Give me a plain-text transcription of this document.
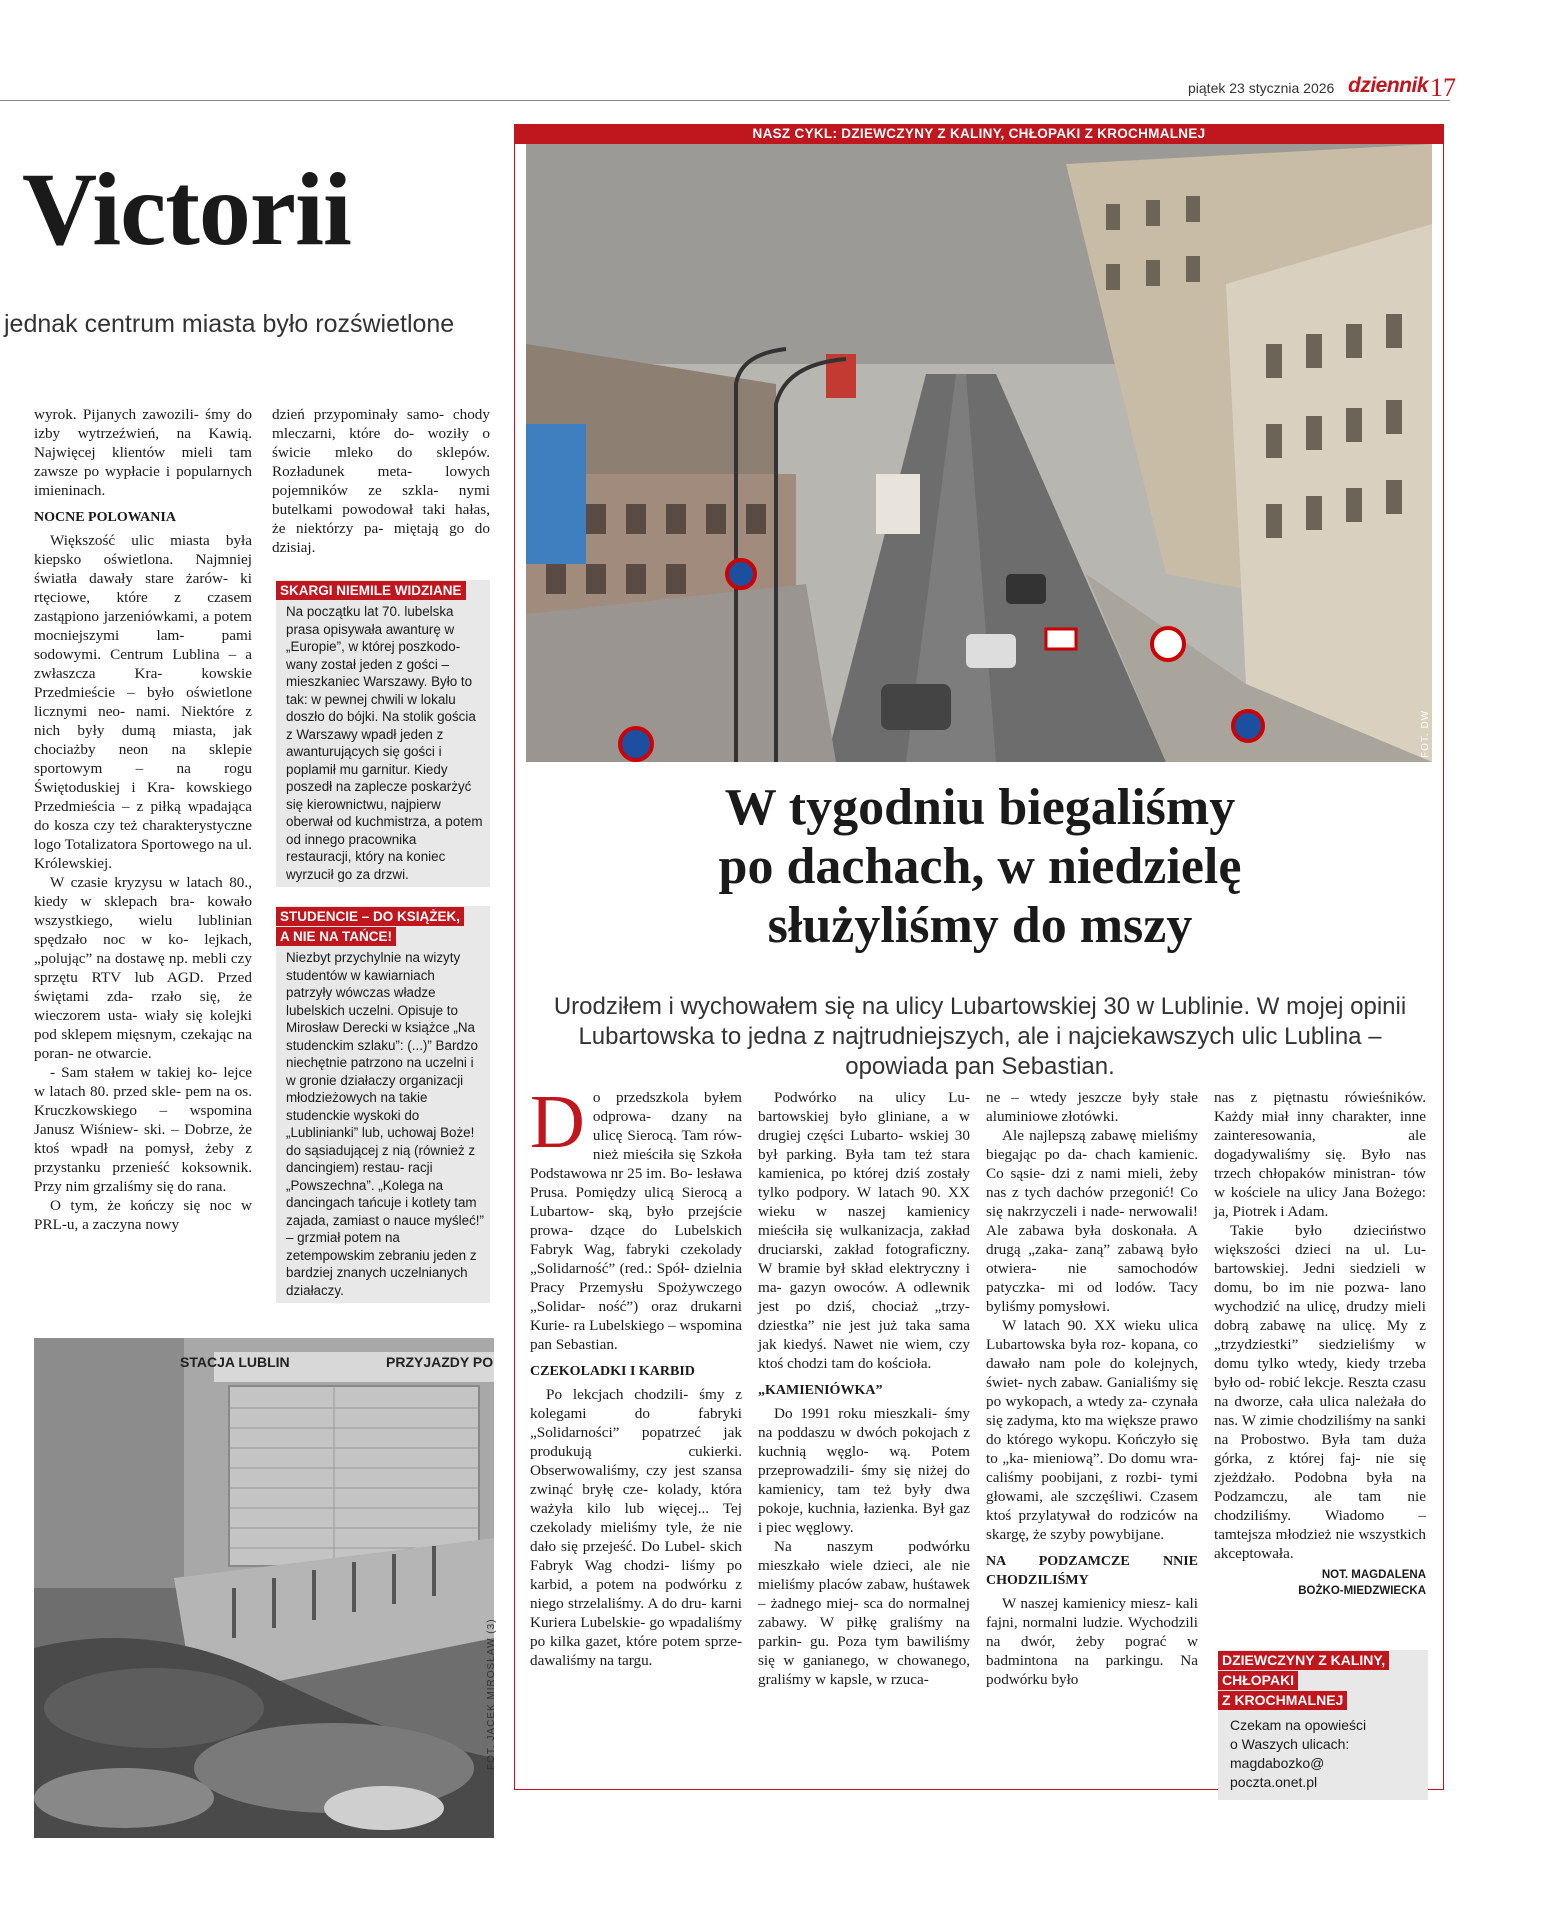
piątek 23 stycznia 2026 dziennik 17
Victorii
jednak centrum miasta było rozświetlone

wyrok. Pijanych zawozili- śmy do izby wytrzeźwień, na Kawią. Najwięcej klientów mieli tam zawsze po wypłacie i popularnych imieninach.

NOCNE POLOWANIA

Większość ulic miasta była kiepsko oświetlona. Najmniej światła dawały stare żarów- ki rtęciowe, które z czasem zastąpiono jarzeniówkami, a potem mocniejszymi lam- pami sodowymi. Centrum Lublina – a zwłaszcza Kra- kowskie Przedmieście – było oświetlone licznymi neo- nami. Niektóre z nich były dumą miasta, jak chociażby neon na sklepie sportowym – na rogu Świętoduskiej i Kra- kowskiego Przedmieścia – z piłką wpadająca do kosza czy też charakterystyczne logo Totalizatora Sportowego na ul. Królewskiej.

W czasie kryzysu w latach 80., kiedy w sklepach bra- kowało wszystkiego, wielu lublinian spędzało noc w ko- lejkach, „polując” na dostawę np. mebli czy sprzętu RTV lub AGD. Przed świętami zda- rzało się, że wieczorem usta- wiały się kolejki pod sklepem mięsnym, czekając na poran- ne otwarcie.

- Sam stałem w takiej ko- lejce w latach 80. przed skle- pem na os. Kruczkowskiego – wspomina Janusz Wiśniew- ski. – Dobrze, że ktoś wpadł na pomysł, żeby z przystanku przenieść koksownik. Przy nim grzaliśmy się do rana.

O tym, że kończy się noc w PRL-u, a zaczyna nowy

dzień przypominały samo- chody mleczarni, które do- woziły o świcie mleko do sklepów. Rozładunek meta- lowych pojemników ze szkla- nymi butelkami powodował taki hałas, że niektórzy pa- miętają go do dzisiaj.

SKARGI NIEMILE WIDZIANE
Na początku lat 70. lubelska prasa opisywała awanturę w „Europie”, w której poszkodo- wany został jeden z gości – mieszkaniec Warszawy. Było to tak: w pewnej chwili w lokalu doszło do bójki. Na stolik gościa z Warszawy wpadł jeden z awanturujących się gości i poplamił mu garnitur. Kiedy poszedł na zaplecze poskarżyć się kierownictwu, najpierw oberwał od kuchmistrza, a potem od innego pracownika restauracji, który na koniec wyrzucił go za drzwi.
STUDENCIE – DO KSIĄŻEK,
A NIE NA TAŃCE!
Niezbyt przychylnie na wizyty studentów w kawiarniach patrzyły wówczas władze lubelskich uczelni. Opisuje to Mirosław Derecki w książce „Na studenckim szlaku”: (...)” Bardzo niechętnie patrzono na uczelni i w gronie działaczy organizacji młodzieżowych na takie studenckie wyskoki do „Lublinianki” lub, uchowaj Boże! do sąsiadującej z nią (również z dancingiem) restau- racji „Powszechna”. „Kolega na dancingach tańcuje i kotlety tam zajada, zamiast o nauce myśleć!” – grzmiał potem na zetempowskim zebraniu jeden z bardziej znanych uczelnianych działaczy.
STACJA LUBLIN	PRZYJAZDY PO
FOT. JACEK MIROSŁAW (3)
NASZ CYKL: DZIEWCZYNY Z KALINY, CHŁOPAKI Z KROCHMALNEJ
FOT. DW
W tygodniu biegaliśmy
po dachach, w niedzielę
służyliśmy do mszy
Urodziłem i wychowałem się na ulicy Lubartowskiej 30 w Lublinie. W mojej opinii Lubartowska to jedna z najtrudniejszych, ale i najciekawszych ulic Lublina – opowiada pan Sebastian.

Do przedszkola byłem odprowa- dzany na ulicę Sierocą. Tam rów- nież mieściła się Szkoła Podstawowa nr 25 im. Bo- lesława Prusa. Pomiędzy ulicą Sierocą a Lubartow- ską, było przejście prowa- dzące do Lubelskich Fabryk Wag, fabryki czekolady „Solidarność” (red.: Spół- dzielnia Pracy Przemysłu Spożywczego „Solidar- ność”) oraz drukarni Kurie- ra Lubelskiego – wspomina pan Sebastian.

CZEKOLADKI I KARBID

Po lekcjach chodzili- śmy z kolegami do fabryki „Solidarności” popatrzeć jak produkują cukierki. Obserwowaliśmy, czy jest szansa zwinąć bryłę cze- kolady, która ważyła kilo lub więcej... Tej czekolady mieliśmy tyle, że nie dało się przejeść. Do Lubel- skich Fabryk Wag chodzi- liśmy po karbid, a potem na podwórku z niego strzelaliśmy. A do dru- karni Kuriera Lubelskie- go wpadaliśmy po kilka gazet, które potem sprze- dawaliśmy na targu.

Podwórko na ulicy Lu- bartowskiej było gliniane, a w drugiej części Lubarto- wskiej 30 był parking. Była tam też stara kamienica, po której dziś zostały tylko podpory. W latach 90. XX wieku w naszej kamienicy mieściła się wulkanizacja, zakład druciarski, zakład fotograficzny. W bramie był skład elektryczny i ma- gazyn owoców. A odlewnik jest po dziś, chociaż „trzy- dziestka” nie jest już taka sama jak kiedyś. Nawet nie wiem, czy ktoś chodzi tam do kościoła.

„KAMIENIÓWKA”

Do 1991 roku mieszkali- śmy na poddaszu w dwóch pokojach z kuchnią węglo- wą. Potem przeprowadzili- śmy się niżej do kamienicy, tam też były dwa pokoje, kuchnia, łazienka. Był gaz i piec węglowy.

Na naszym podwórku mieszkało wiele dzieci, ale nie mieliśmy placów zabaw, huśtawek – żadnego miej- sca do normalnej zabawy. W piłkę graliśmy na parkin- gu. Poza tym bawiliśmy się w ganianego, w chowanego, graliśmy w kapsle, w rzuca-

ne – wtedy jeszcze były stałe aluminiowe złotówki.

Ale najlepszą zabawę mieliśmy biegając po da- chach kamienic. Co sąsie- dzi z nami mieli, żeby nas z tych dachów przegonić! Co się nakrzyczeli i nade- nerwowali! Ale zabawa była doskonała. A drugą „zaka- zaną” zabawą było otwiera- nie samochodów patyczka- mi od lodów. Tacy byliśmy pomysłowi.

W latach 90. XX wieku ulica Lubartowska była roz- kopana, co dawało nam pole do kolejnych, świet- nych zabaw. Ganialiśmy się po wykopach, a wtedy za- czynała się zadyma, kto ma większe prawo do którego wykopu. Kończyło się to „ka- mieniową”. Do domu wra- caliśmy poobijani, z rozbi- tymi głowami, ale szczęśliwi. Czasem ktoś przylatywał do rodziców na skargę, że szyby powybijane.

NA PODZAMCZE NNIE CHODZILIŚMY

W naszej kamienicy miesz- kali fajni, normalni ludzie. Wychodzili na dwór, żeby pograć w badmintona na parkingu. Na podwórku było

nas z piętnastu rówieśników. Każdy miał inny charakter, inne zainteresowania, ale dogadywaliśmy się. Było nas trzech chłopaków ministran- tów w kościele na ulicy Jana Bożego: ja, Piotrek i Adam.

Takie było dzieciństwo większości dzieci na ul. Lu- bartowskiej. Jedni siedzieli w domu, bo im nie pozwa- lano wychodzić na ulicę, drudzy mieli dobrą zabawę na ulicę. My z „trzydziestki” siedzieliśmy w domu tylko wtedy, kiedy trzeba było od- robić lekcje. Reszta czasu na dworze, cała ulica należała do nas. W zimie chodziliśmy na sanki na Probostwo. Była tam duża górka, z której faj- nie się zjeżdżało. Podobna była na Podzamczu, ale tam nie chodziliśmy. Wiadomo – tamtejsza młodzież nie wszystkich akceptowała.

NOT. MAGDALENA
BOŻKO-MIEDZWIECKA
DZIEWCZYNY Z KALINY,
CHŁOPAKI
Z KROCHMALNEJ
Czekam na opowieści o Waszych ulicach: magdabozko@ poczta.onet.pl
